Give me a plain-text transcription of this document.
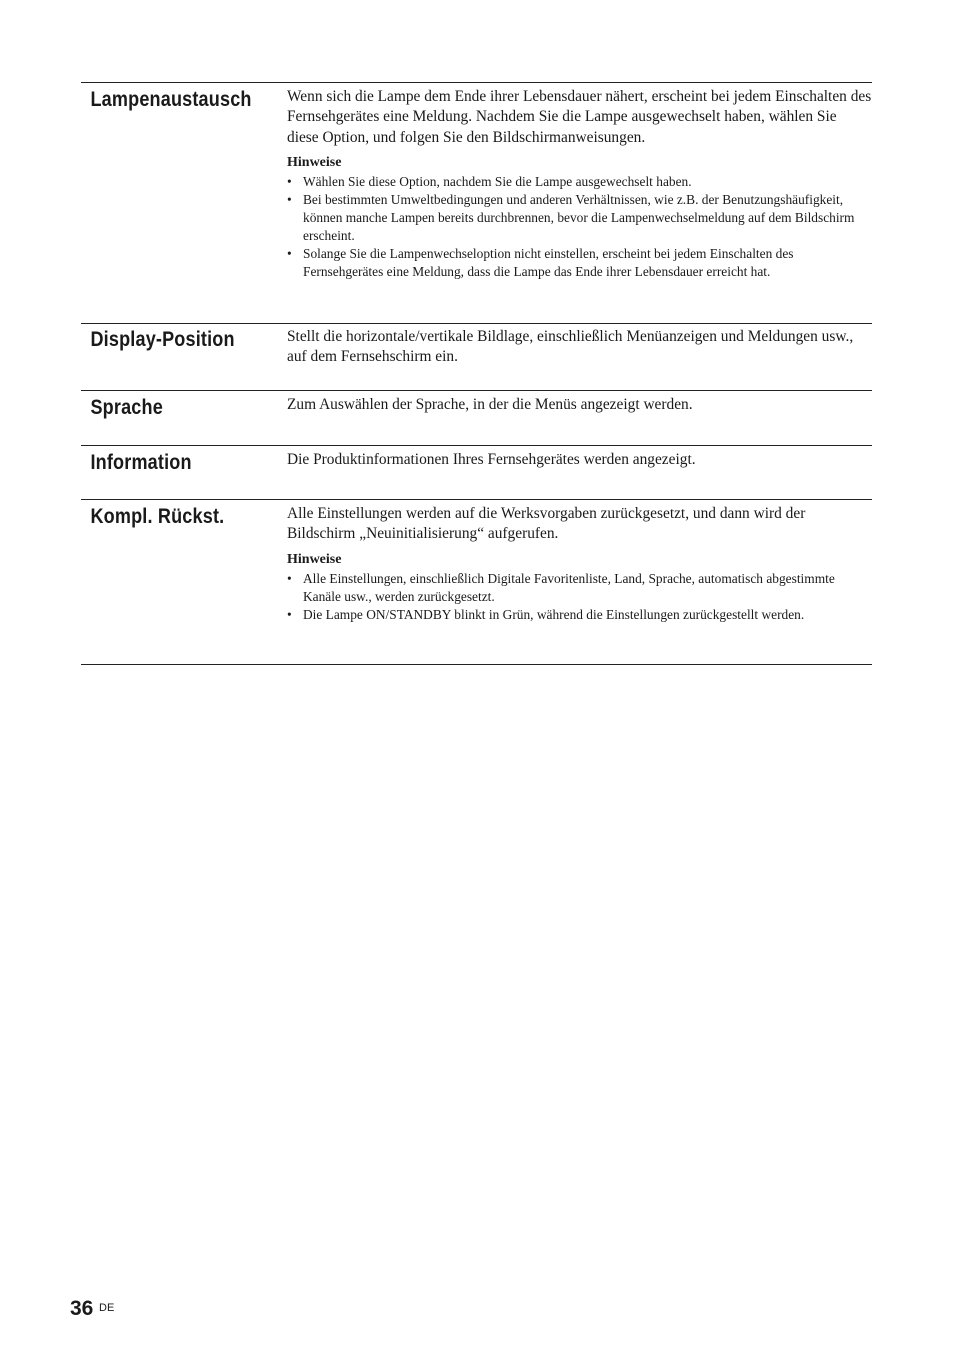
Lampenaustausch	Wenn sich die Lampe dem Ende ihrer Lebensdauer nähert, erscheint bei jedem Einschalten des Fernsehgerätes eine Meldung. Nachdem Sie die Lampe ausgewechselt haben, wählen Sie diese Option, und folgen Sie den Bildschirmanweisungen.

Hinweise
• Wählen Sie diese Option, nachdem Sie die Lampe ausgewechselt haben.
• Bei bestimmten Umweltbedingungen und anderen Verhältnissen, wie z.B. der Benutzungshäufigkeit, können manche Lampen bereits durchbrennen, bevor die Lampenwechselmeldung auf dem Bildschirm erscheint.
• Solange Sie die Lampenwechseloption nicht einstellen, erscheint bei jedem Einschalten des Fernsehgerätes eine Meldung, dass die Lampe das Ende ihrer Lebensdauer erreicht hat.
Display-Position	Stellt die horizontale/vertikale Bildlage, einschließlich Menüanzeigen und Meldungen usw., auf dem Fernsehschirm ein.

Sprache	Zum Auswählen der Sprache, in der die Menüs angezeigt werden.

Information	Die Produktinformationen Ihres Fernsehgerätes werden angezeigt.

Kompl. Rückst.	Alle Einstellungen werden auf die Werksvorgaben zurückgesetzt, und dann wird der Bildschirm „Neuinitialisierung“ aufgerufen.

Hinweise
• Alle Einstellungen, einschließlich Digitale Favoritenliste, Land, Sprache, automatisch abgestimmte Kanäle usw., werden zurückgesetzt.
• Die Lampe ON/STANDBY blinkt in Grün, während die Einstellungen zurückgestellt werden.
36 DE
